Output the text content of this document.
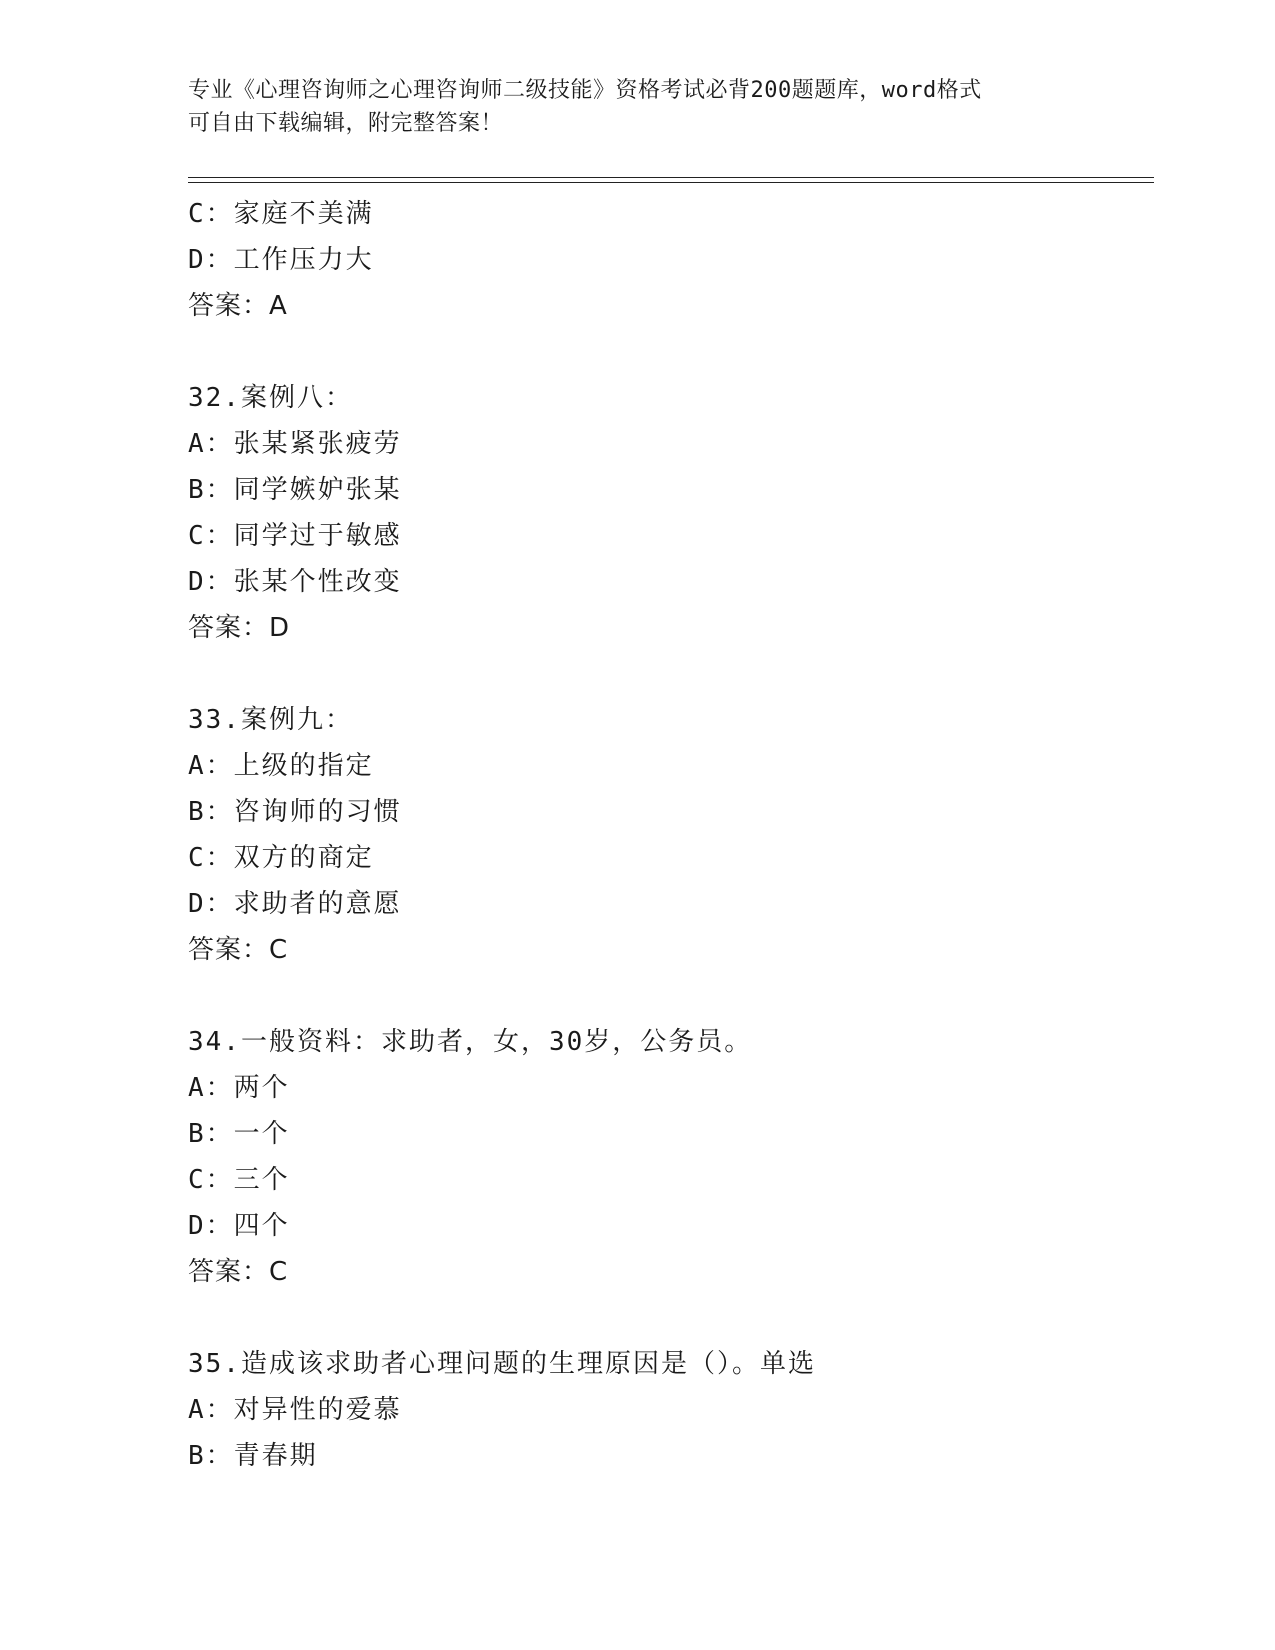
专业《心理咨询师之心理咨询师二级技能》资格考试必背200题题库，word格式
可自由下载编辑，附完整答案！
C：家庭不美满
D：工作压力大
答案：A
32.案例八：
A：张某紧张疲劳
B：同学嫉妒张某
C：同学过于敏感
D：张某个性改变
答案：D
33.案例九：
A：上级的指定
B：咨询师的习惯
C：双方的商定
D：求助者的意愿
答案：C
34.一般资料：求助者，女，30岁，公务员。
A：两个
B：一个
C：三个
D：四个
答案：C
35.造成该求助者心理问题的生理原因是（）。单选
A：对异性的爱慕
B：青春期
